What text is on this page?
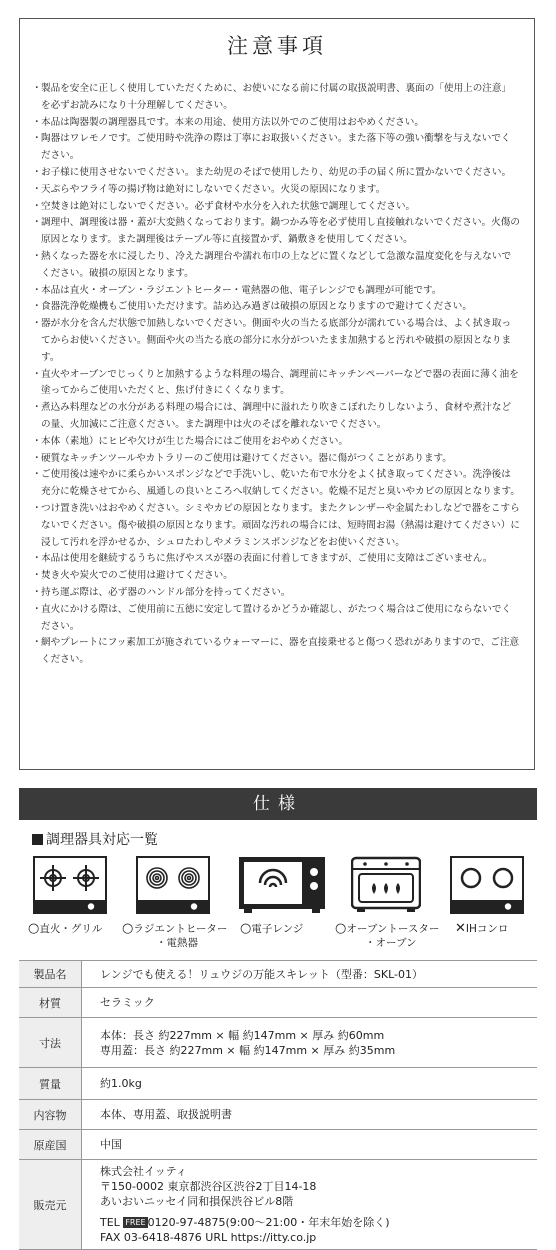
注意事項
・ 製品を安全に正しく使用していただくために、お使いになる前に付属の取扱説明書、裏面の「使用上の注意」を必ずお読みになり十分理解してください。
・ 本品は陶器製の調理器具です。本来の用途、使用方法以外でのご使用はおやめください。
・ 陶器はワレモノです。ご使用時や洗浄の際は丁寧にお取扱いください。また落下等の強い衝撃を与えないでください。
・ お子様に使用させないでください。また幼児のそばで使用したり、幼児の手の届く所に置かないでください。
・ 天ぷらやフライ等の揚げ物は絶対にしないでください。火災の原因になります。
・ 空焚きは絶対にしないでください。必ず食材や水分を入れた状態で調理してください。
・ 調理中、調理後は器・蓋が大変熱くなっております。鍋つかみ等を必ず使用し直接触れないでください。火傷の原因となります。また調理後はテーブル等に直接置かず、鍋敷きを使用してください。
・ 熱くなった器を水に浸したり、冷えた調理台や濡れ布巾の上などに置くなどして急激な温度変化を与えないでください。破損の原因となります。
・ 本品は直火・オーブン・ラジエントヒーター・電熱器の他、電子レンジでも調理が可能です。
・ 食器洗浄乾燥機もご使用いただけます。詰め込み過ぎは破損の原因となりますので避けてください。
・ 器が水分を含んだ状態で加熱しないでください。側面や火の当たる底部分が濡れている場合は、よく拭き取ってからお使いください。側面や火の当たる底の部分に水分がついたまま加熱すると汚れや破損の原因となります。
・ 直火やオーブンでじっくりと加熱するような料理の場合、調理前にキッチンペーパーなどで器の表面に薄く油を塗ってからご使用いただくと、焦げ付きにくくなります。
・ 煮込み料理などの水分がある料理の場合には、調理中に溢れたり吹きこぼれたりしないよう、食材や煮汁などの量、火加減にご注意ください。また調理中は火のそばを離れないでください。
・ 本体（素地）にヒビや欠けが生じた場合にはご使用をおやめください。
・ 硬質なキッチンツールやカトラリーのご使用は避けてください。器に傷がつくことがあります。
・ ご使用後は速やかに柔らかいスポンジなどで手洗いし、乾いた布で水分をよく拭き取ってください。洗浄後は充分に乾燥させてから、風通しの良いところへ収納してください。乾燥不足だと臭いやカビの原因となります。
・ つけ置き洗いはおやめください。シミやカビの原因となります。またクレンザーや金属たわしなどで器をこすらないでください。傷や破損の原因となります。頑固な汚れの場合には、短時間お湯（熱湯は避けてください）に浸して汚れを浮かせるか、シュロたわしやメラミンスポンジなどをお使いください。
・ 本品は使用を継続するうちに焦げやススが器の表面に付着してきますが、ご使用に支障はございません。
・ 焚き火や炭火でのご使用は避けてください。
・ 持ち運ぶ際は、必ず器のハンドル部分を持ってください。
・ 直火にかける際は、ご使用前に五徳に安定して置けるかどうか確認し、がたつく場合はご使用にならないでください。
・ 網やプレートにフッ素加工が施されているウォーマーに、器を直接乗せると傷つく恐れがありますので、ご注意ください。
仕様
調理器具対応一覧
○直火・グリル ○ラジエントヒーター
・電熱器
○電子レンジ ○オーブントースター
・オーブン
✕IHコンロ
製品名	レンジでも使える！リュウジの万能スキレット（型番：SKL-01）
材質	セラミック
寸法	本体：長さ 約227mm × 幅 約147mm × 厚み 約60mm
専用蓋：長さ 約227mm × 幅 約147mm × 厚み 約35mm

質量	約1.0kg
内容物	本体、専用蓋、取扱説明書
原産国	中国
販売元	株式会社イッティ
〒150-0002 東京都渋谷区渋谷2丁目14-18
あいおいニッセイ同和損保渋谷ビル8階
TEL FREE 0120-97-4875(9:00〜21:00・年末年始を除く)
FAX 03-6418-4876 URL https://itty.co.jp
